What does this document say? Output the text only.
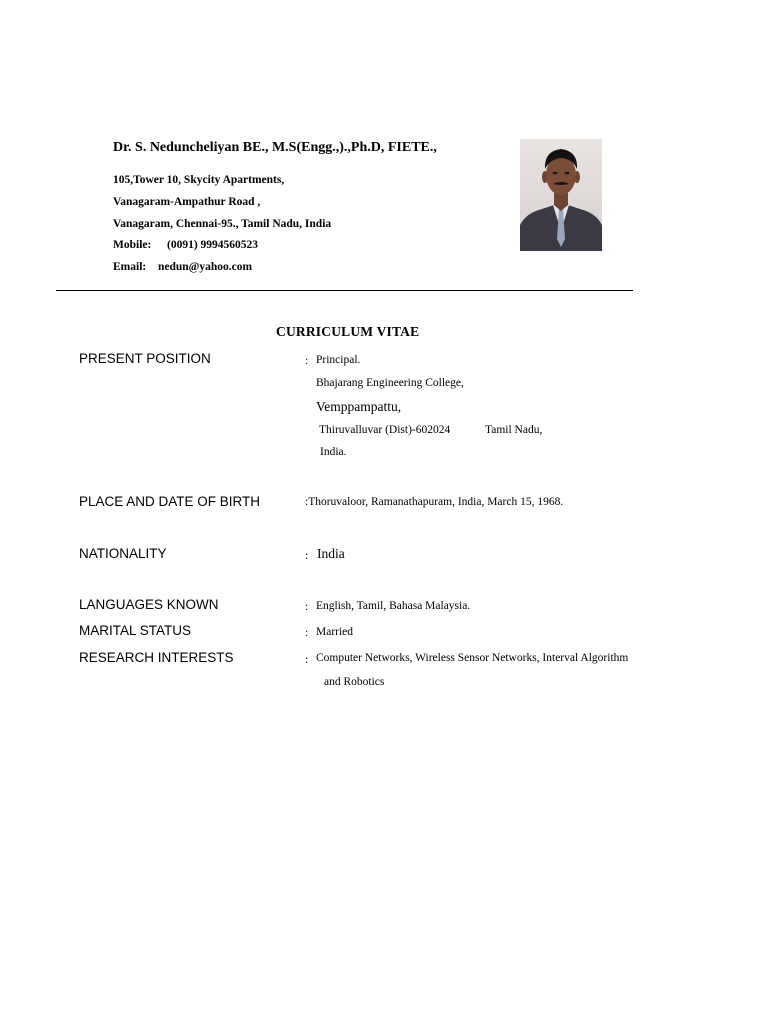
Dr. S. Neduncheliyan BE., M.S(Engg.,).,Ph.D, FIETE.,
105,Tower 10, Skycity Apartments,
Vanagaram-Ampathur Road ,
Vanagaram, Chennai-95., Tamil Nadu, India
Mobile: (0091) 9994560523
Email: nedun@yahoo.com
CURRICULUM VITAE
PRESENT POSITION	: Principal.
Bhajarang Engineering College,
Vemppampattu,
Thiruvalluvar (Dist)-602024	Tamil Nadu,
India.
PLACE AND DATE OF BIRTH	:Thoruvaloor, Ramanathapuram, India, March 15, 1968.
NATIONALITY	: India
LANGUAGES KNOWN	: English, Tamil, Bahasa Malaysia.
MARITAL STATUS	: Married
RESEARCH INTERESTS	: Computer Networks, Wireless Sensor Networks, Interval Algorithm
and Robotics
